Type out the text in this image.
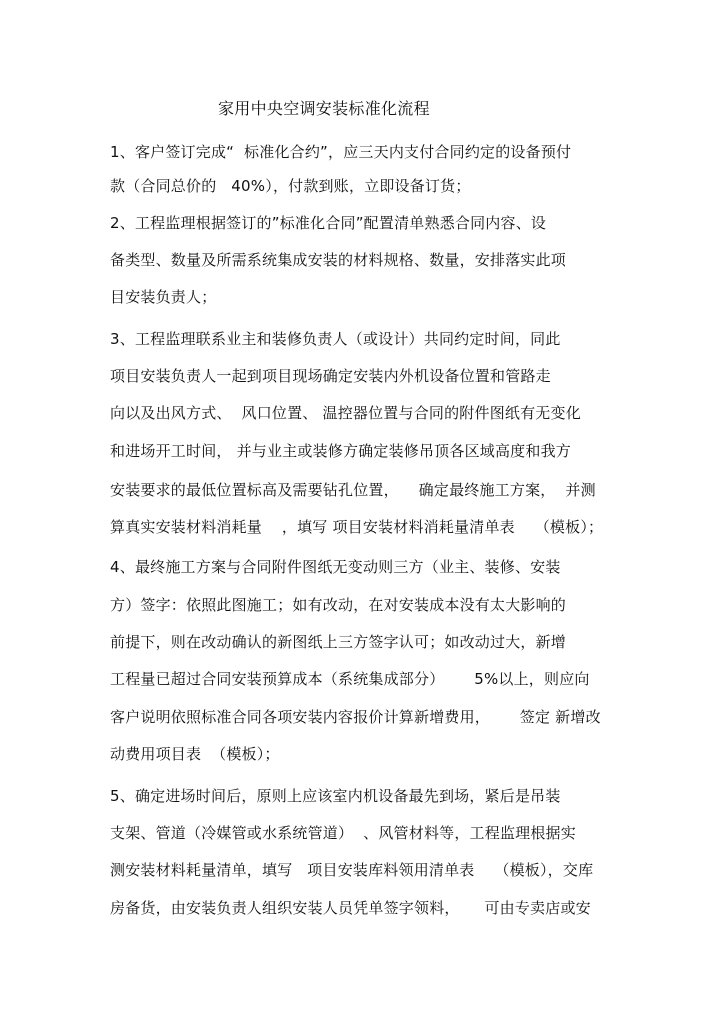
家用中央空调安装标准化流程
1、客户签订完成“  标准化合约”，应三天内支付合同约定的设备预付
款（合同总价的   40%），付款到账，立即设备订货；
2、工程监理根据签订的”标准化合同”配置清单熟悉合同内容、设
备类型、数量及所需系统集成安装的材料规格、数量，安排落实此项
目安装负责人；
3、工程监理联系业主和装修负责人（或设计）共同约定时间，同此
项目安装负责人一起到项目现场确定安装内外机设备位置和管路走
向以及出风方式、  风口位置、 温控器位置与合同的附件图纸有无变化
和进场开工时间， 并与业主或装修方确定装修吊顶各区域高度和我方
安装要求的最低位置标高及需要钻孔位置，    确定最终施工方案，  并测
算真实安装材料消耗量    ，填写 项目安装材料消耗量清单表    （模板）；
4、最终施工方案与合同附件图纸无变动则三方（业主、装修、安装
方）签字：依照此图施工；如有改动，在对安装成本没有太大影响的
前提下，则在改动确认的新图纸上三方签字认可；如改动过大，新增
工程量已超过合同安装预算成本（系统集成部分）      5%以上，则应向
客户说明依照标准合同各项安装内容报价计算新增费用，      签定 新增改
动费用项目表  （模板）；
5、确定进场时间后，原则上应该室内机设备最先到场，紧后是吊装
支架、管道（冷媒管或水系统管道）  、风管材料等，工程监理根据实
测安装材料耗量清单，填写   项目安装库料领用清单表    （模板），交库
房备货，由安装负责人组织安装人员凭单签字领料，     可由专卖店或安
